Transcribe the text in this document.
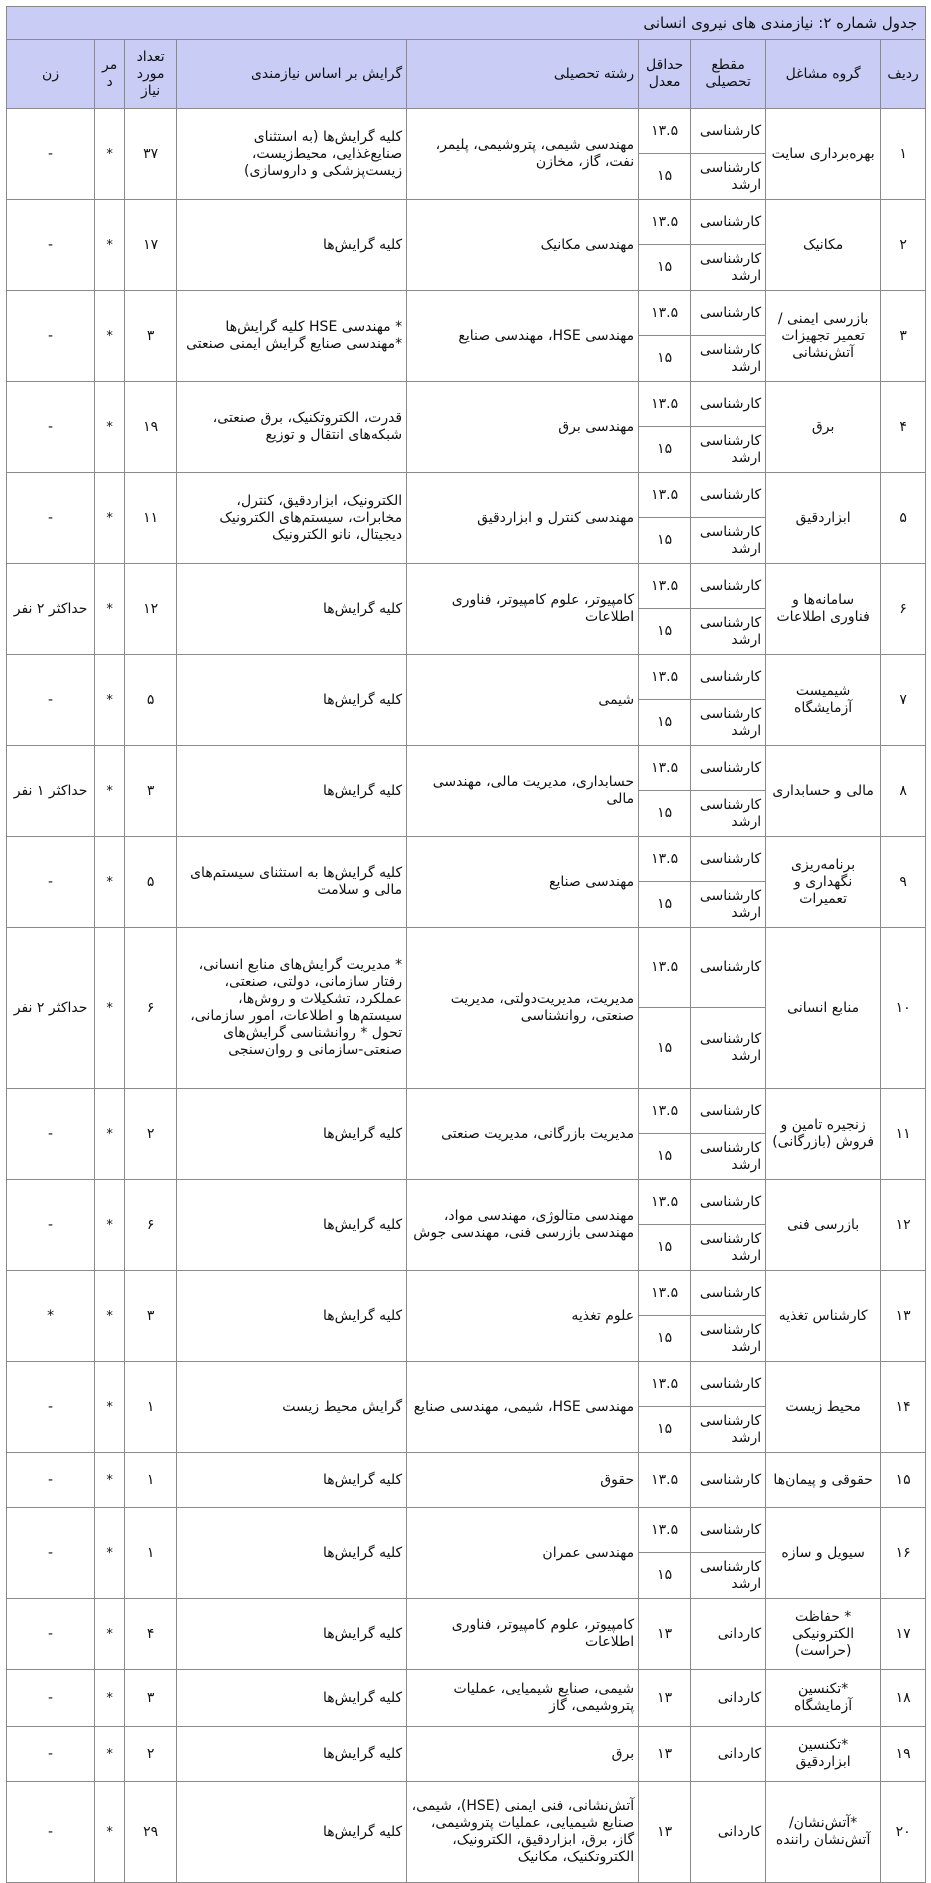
جدول شماره ۲: نیازمندی های نیروی انسانی								
ردیف	گروه مشاغل	مقطع تحصیلی	حداقل معدل	رشته تحصیلی	گرایش بر اساس نیازمندی	تعداد مورد نیاز	مرد	زن
۱	بهره‌برداری سایت	کارشناسی	۱۳.۵	مهندسی شیمی، پتروشیمی، پلیمر، نفت، گاز، مخازن	کلیه گرایش‌ها (به استثنای صنایع‌غذایی، محیط‌زیست، زیست‌پزشکی و داروسازی)	۳۷	*	-
		کارشناسی ارشد	۱۵					
۲	مکانیک	کارشناسی	۱۳.۵	مهندسی مکانیک	کلیه گرایش‌ها	۱۷	*	-
		کارشناسی ارشد	۱۵					
۳	بازرسی ایمنی / تعمیر تجهیزات آتش‌نشانی	کارشناسی	۱۳.۵	مهندسی HSE، مهندسی صنایع	* مهندسی HSE کلیه گرایش‌ها *مهندسی صنایع گرایش ایمنی صنعتی	۳	*	-
		کارشناسی ارشد	۱۵					
۴	برق	کارشناسی	۱۳.۵	مهندسی برق	قدرت، الکتروتکنیک، برق صنعتی، شبکه‌های انتقال و توزیع	۱۹	*	-
		کارشناسی ارشد	۱۵					
۵	ابزاردقیق	کارشناسی	۱۳.۵	مهندسی کنترل و ابزاردقیق	الکترونیک، ابزاردقیق، کنترل، مخابرات، سیستم‌های الکترونیک دیجیتال، نانو الکترونیک	۱۱	*	-
		کارشناسی ارشد	۱۵					
۶	سامانه‌ها و فناوری اطلاعات	کارشناسی	۱۳.۵	کامپیوتر، علوم کامپیوتر، فناوری اطلاعات	کلیه گرایش‌ها	۱۲	*	حداکثر ۲ نفر
		کارشناسی ارشد	۱۵					
۷	شیمیست آزمایشگاه	کارشناسی	۱۳.۵	شیمی	کلیه گرایش‌ها	۵	*	-
		کارشناسی ارشد	۱۵					
۸	مالی و حسابداری	کارشناسی	۱۳.۵	حسابداری، مدیریت مالی، مهندسی مالی	کلیه گرایش‌ها	۳	*	حداکثر ۱ نفر
		کارشناسی ارشد	۱۵					
۹	برنامه‌ریزی نگهداری و تعمیرات	کارشناسی	۱۳.۵	مهندسی صنایع	کلیه گرایش‌ها به استثنای سیستم‌های مالی و سلامت	۵	*	-
		کارشناسی ارشد	۱۵					
۱۰	منابع انسانی	کارشناسی	۱۳.۵	مدیریت، مدیریت‌دولتی، مدیریت صنعتی، روانشناسی	* مدیریت گرایش‌های منابع انسانی، رفتار سازمانی، دولتی، صنعتی، عملکرد، تشکیلات و روش‌ها، سیستم‌ها و اطلاعات، امور سازمانی، تحول * روانشناسی گرایش‌های صنعتی-سازمانی و روان‌سنجی	۶	*	حداکثر ۲ نفر
		کارشناسی ارشد	۱۵					
۱۱	زنجیره تامین و فروش (بازرگانی)	کارشناسی	۱۳.۵	مدیریت بازرگانی، مدیریت صنعتی	کلیه گرایش‌ها	۲	*	-
		کارشناسی ارشد	۱۵					
۱۲	بازرسی فنی	کارشناسی	۱۳.۵	مهندسی متالوژی، مهندسی مواد، مهندسی بازرسی فنی، مهندسی جوش	کلیه گرایش‌ها	۶	*	-
		کارشناسی ارشد	۱۵					
۱۳	کارشناس تغذیه	کارشناسی	۱۳.۵	علوم تغذیه	کلیه گرایش‌ها	۳	*	*
		کارشناسی ارشد	۱۵					
۱۴	محیط زیست	کارشناسی	۱۳.۵	مهندسی HSE، شیمی، مهندسی صنایع	گرایش محیط زیست	۱	*	-
		کارشناسی ارشد	۱۵					
۱۵	حقوقی و پیمان‌ها	کارشناسی	۱۳.۵	حقوق	کلیه گرایش‌ها	۱	*	-
۱۶	سیویل و سازه	کارشناسی	۱۳.۵	مهندسی عمران	کلیه گرایش‌ها	۱	*	-
		کارشناسی ارشد	۱۵					
۱۷	* حفاظت الکترونیکی (حراست)	کاردانی	۱۳	کامپیوتر، علوم کامپیوتر، فناوری اطلاعات	کلیه گرایش‌ها	۴	*	-
۱۸	*تکنسین آزمایشگاه	کاردانی	۱۳	شیمی، صنایع شیمیایی، عملیات پتروشیمی، گاز	کلیه گرایش‌ها	۳	*	-
۱۹	*تکنسین ابزاردقیق	کاردانی	۱۳	برق	کلیه گرایش‌ها	۲	*	-
۲۰	*آتش‌نشان/ آتش‌نشان راننده	کاردانی	۱۳	آتش‌نشانی، فنی ایمنی (HSE)، شیمی، صنایع شیمیایی، عملیات پتروشیمی، گاز، برق، ابزاردقیق، الکترونیک، الکتروتکنیک، مکانیک	کلیه گرایش‌ها	۲۹	*	-
